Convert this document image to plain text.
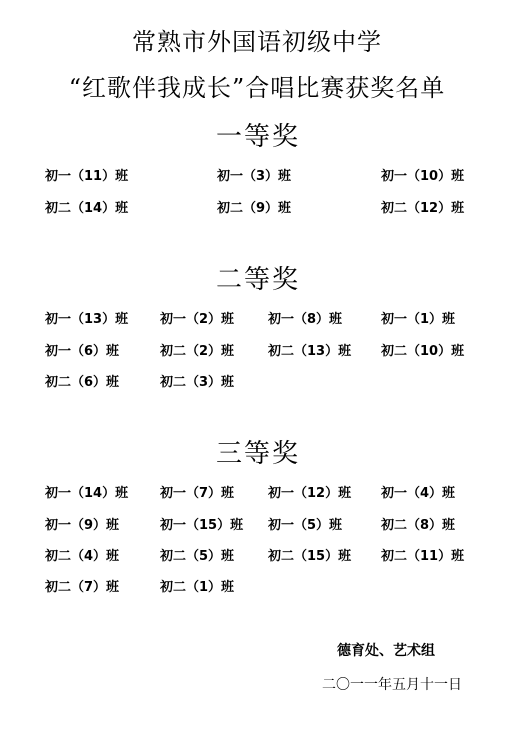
常熟市外国语初级中学
“红歌伴我成长”合唱比赛获奖名单
一等奖
初一（11）班	初一（3）班	初一（10）班
初二（14）班	初二（9）班	初二（12）班
二等奖
初一（13）班 初一（2）班	初一（8）班	初一（1）班
初一（6）班	初二（2）班	初二（13）班 初二（10）班
初二（6）班	初二（3）班
三等奖
初一（14）班 初一（7）班	初一（12）班 初一（4）班
初一（9）班	初一（15）班 初一（5）班	初二（8）班
初二（4）班	初二（5）班	初二（15）班 初二（11）班
初二（7）班	初二（1）班
德育处、艺术组
二〇一一年五月十一日
